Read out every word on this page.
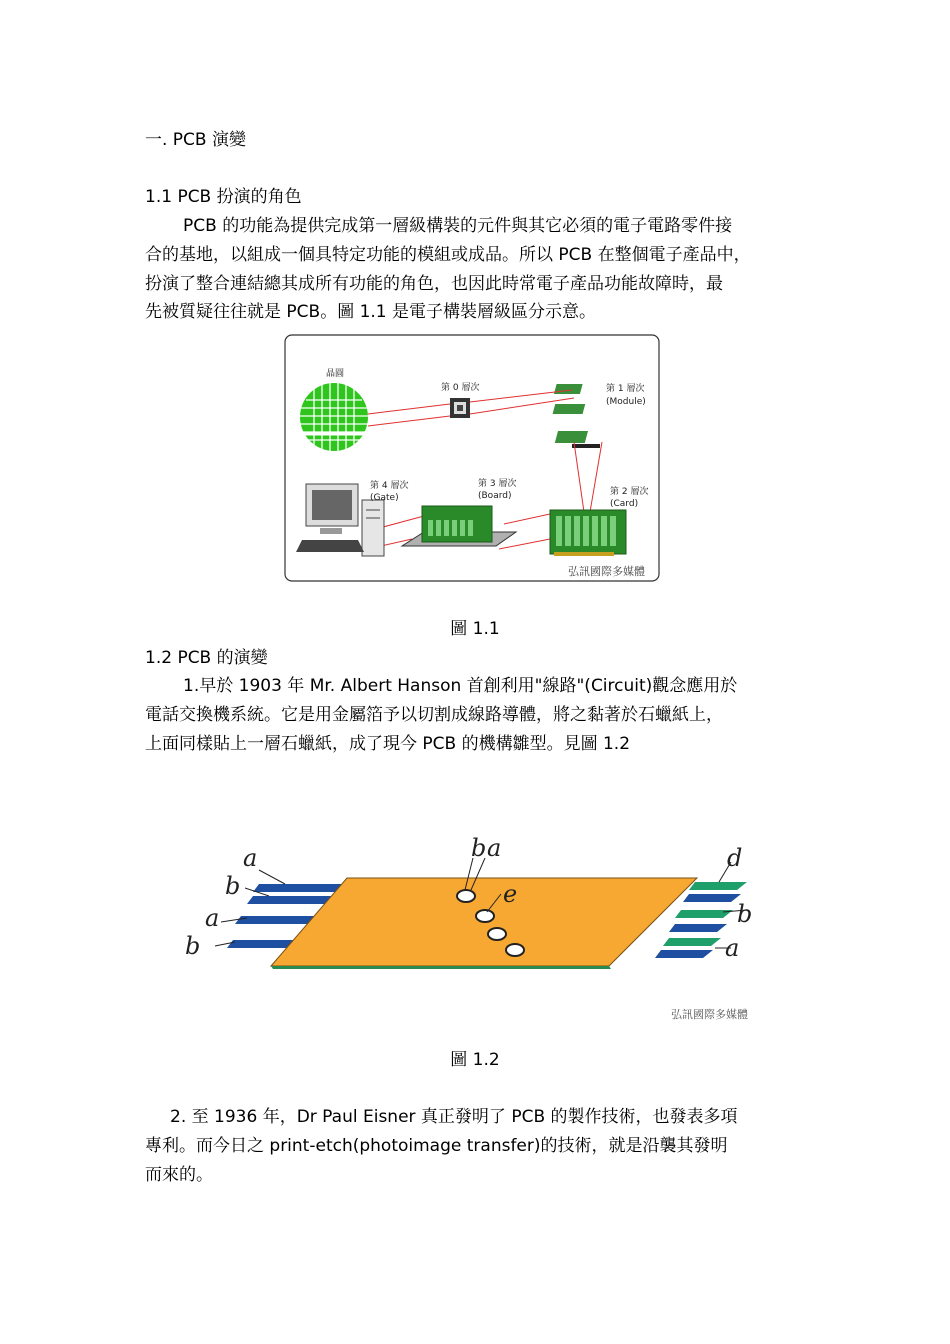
一. PCB 演變
1.1 PCB 扮演的角色
PCB 的功能為提供完成第一層級構裝的元件與其它必須的電子電路零件接
合的基地，以組成一個具特定功能的模組或成品。所以 PCB 在整個電子產品中，
扮演了整合連結總其成所有功能的角色，也因此時常電子產品功能故障時，最
先被質疑往往就是 PCB。圖 1.1 是電子構裝層級區分示意。
晶圓
第 0 層次	第 1 層次
(Module)
第 2 層次
(Card)
第 3 層次
(Board)
第 4 層次
(Gate)
弘訊國際多媒體
圖 1.1
1.2 PCB 的演變
1.早於 1903 年 Mr. Albert Hanson 首創利用"線路"(Circuit)觀念應用於
電話交換機系統。它是用金屬箔予以切割成線路導體，將之黏著於石蠟紙上，
上面同樣貼上一層石蠟紙，成了現今 PCB 的機構雛型。見圖 1.2
a
b
a
b
b a
e
d
b
a
弘訊國際多媒體
圖 1.2
2. 至 1936 年，Dr Paul Eisner 真正發明了 PCB 的製作技術，也發表多項
專利。而今日之 print-etch(photoimage transfer)的技術，就是沿襲其發明
而來的。
